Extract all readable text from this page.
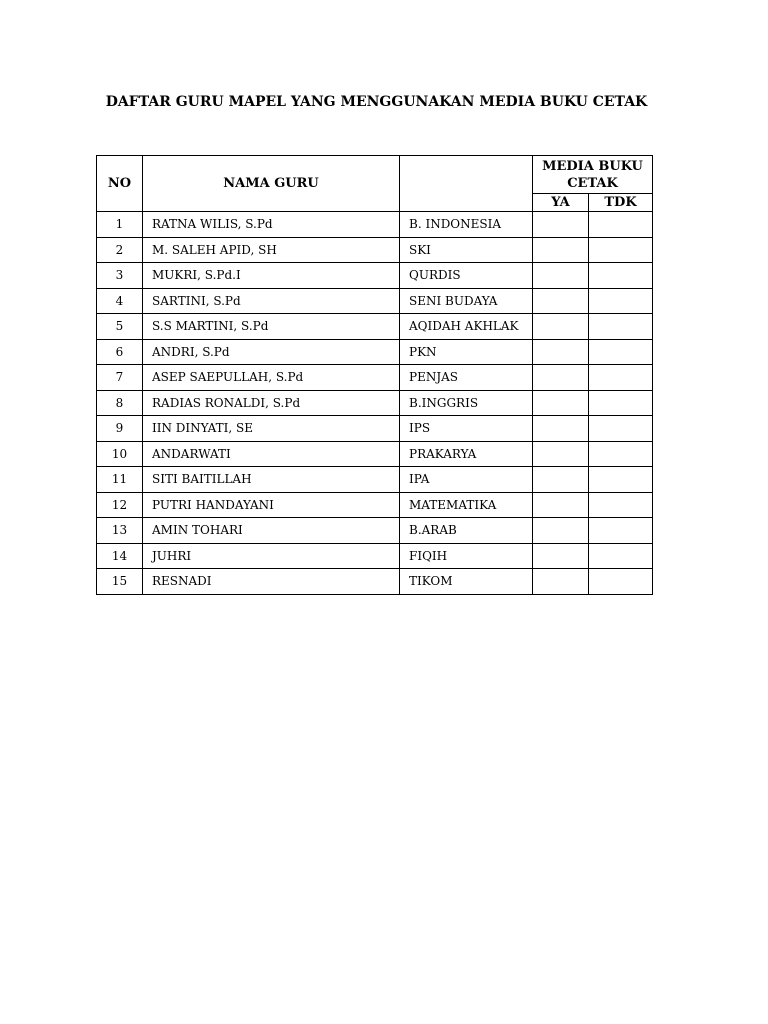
DAFTAR GURU MAPEL YANG MENGGUNAKAN MEDIA BUKU CETAK
NO	NAMA GURU		MEDIA BUKU CETAK	
			YA	TDK
1	RATNA WILIS, S.Pd	B. INDONESIA		
2	M. SALEH APID, SH	SKI		
3	MUKRI, S.Pd.I	QURDIS		
4	SARTINI, S.Pd	SENI BUDAYA		
5	S.S MARTINI, S.Pd	AQIDAH AKHLAK		
6	ANDRI, S.Pd	PKN		
7	ASEP SAEPULLAH, S.Pd	PENJAS		
8	RADIAS RONALDI, S.Pd	B.INGGRIS		
9	IIN DINYATI, SE	IPS		
10	ANDARWATI	PRAKARYA		
11	SITI BAITILLAH	IPA		
12	PUTRI HANDAYANI	MATEMATIKA		
13	AMIN TOHARI	B.ARAB		
14	JUHRI	FIQIH		
15	RESNADI	TIKOM		
